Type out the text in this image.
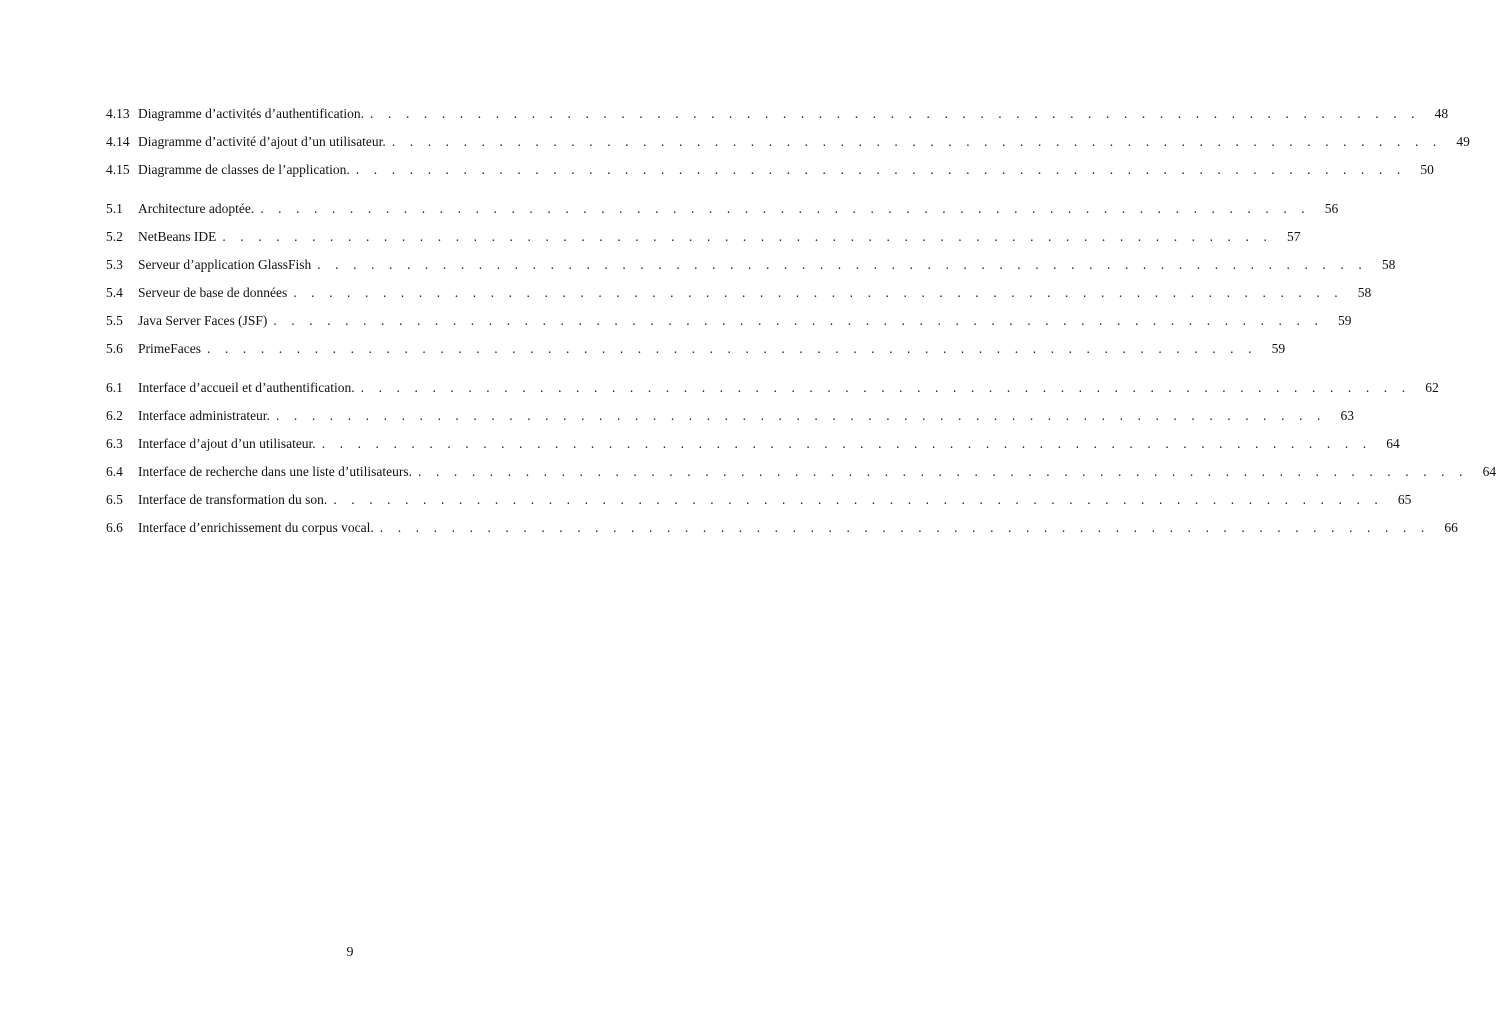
4.13 Diagramme d’activités d’authentification. . . . . . . . . . . . . . . . . . . . . . . . . . . . . . . . . . . . . . . . . . . . . . . . . . . . . . . . . . . .	48
4.14 Diagramme d’activité d’ajout d’un utilisateur. . . . . . . . . . . . . . . . . . . . . . . . . . . . . . . . . . . . . . . . . . . . . . . . . . . . . . . . . . . .	49
4.15 Diagramme de classes de l’application. . . . . . . . . . . . . . . . . . . . . . . . . . . . . . . . . . . . . . . . . . . . . . . . . . . . . . . . . . . .	50
5.1	Architecture adoptée. . . . . . . . . . . . . . . . . . . . . . . . . . . . . . . . . . . . . . . . . . . . . . . . . . . . . . . . . . . .	56
5.2	NetBeans IDE . . . . . . . . . . . . . . . . . . . . . . . . . . . . . . . . . . . . . . . . . . . . . . . . . . . . . . . . . . .	57
5.3	Serveur d’application GlassFish . . . . . . . . . . . . . . . . . . . . . . . . . . . . . . . . . . . . . . . . . . . . . . . . . . . . . . . . . . .	58
5.4	Serveur de base de données . . . . . . . . . . . . . . . . . . . . . . . . . . . . . . . . . . . . . . . . . . . . . . . . . . . . . . . . . . .	58
5.5	Java Server Faces (JSF) . . . . . . . . . . . . . . . . . . . . . . . . . . . . . . . . . . . . . . . . . . . . . . . . . . . . . . . . . . .	59
5.6	PrimeFaces . . . . . . . . . . . . . . . . . . . . . . . . . . . . . . . . . . . . . . . . . . . . . . . . . . . . . . . . . . .	59
6.1	Interface d’accueil et d’authentification. . . . . . . . . . . . . . . . . . . . . . . . . . . . . . . . . . . . . . . . . . . . . . . . . . . . . . . . . . . .	62
6.2	Interface administrateur. . . . . . . . . . . . . . . . . . . . . . . . . . . . . . . . . . . . . . . . . . . . . . . . . . . . . . . . . . . .	63
6.3	Interface d’ajout d’un utilisateur. . . . . . . . . . . . . . . . . . . . . . . . . . . . . . . . . . . . . . . . . . . . . . . . . . . . . . . . . . . .	64
6.4	Interface de recherche dans une liste d’utilisateurs. . . . . . . . . . . . . . . . . . . . . . . . . . . . . . . . . . . . . . . . . . . . . . . . . . . . . . . . . . . .	64
6.5	Interface de transformation du son. . . . . . . . . . . . . . . . . . . . . . . . . . . . . . . . . . . . . . . . . . . . . . . . . . . . . . . . . . . .	65
6.6	Interface d’enrichissement du corpus vocal. . . . . . . . . . . . . . . . . . . . . . . . . . . . . . . . . . . . . . . . . . . . . . . . . . . . . . . . . . . .	66
9
